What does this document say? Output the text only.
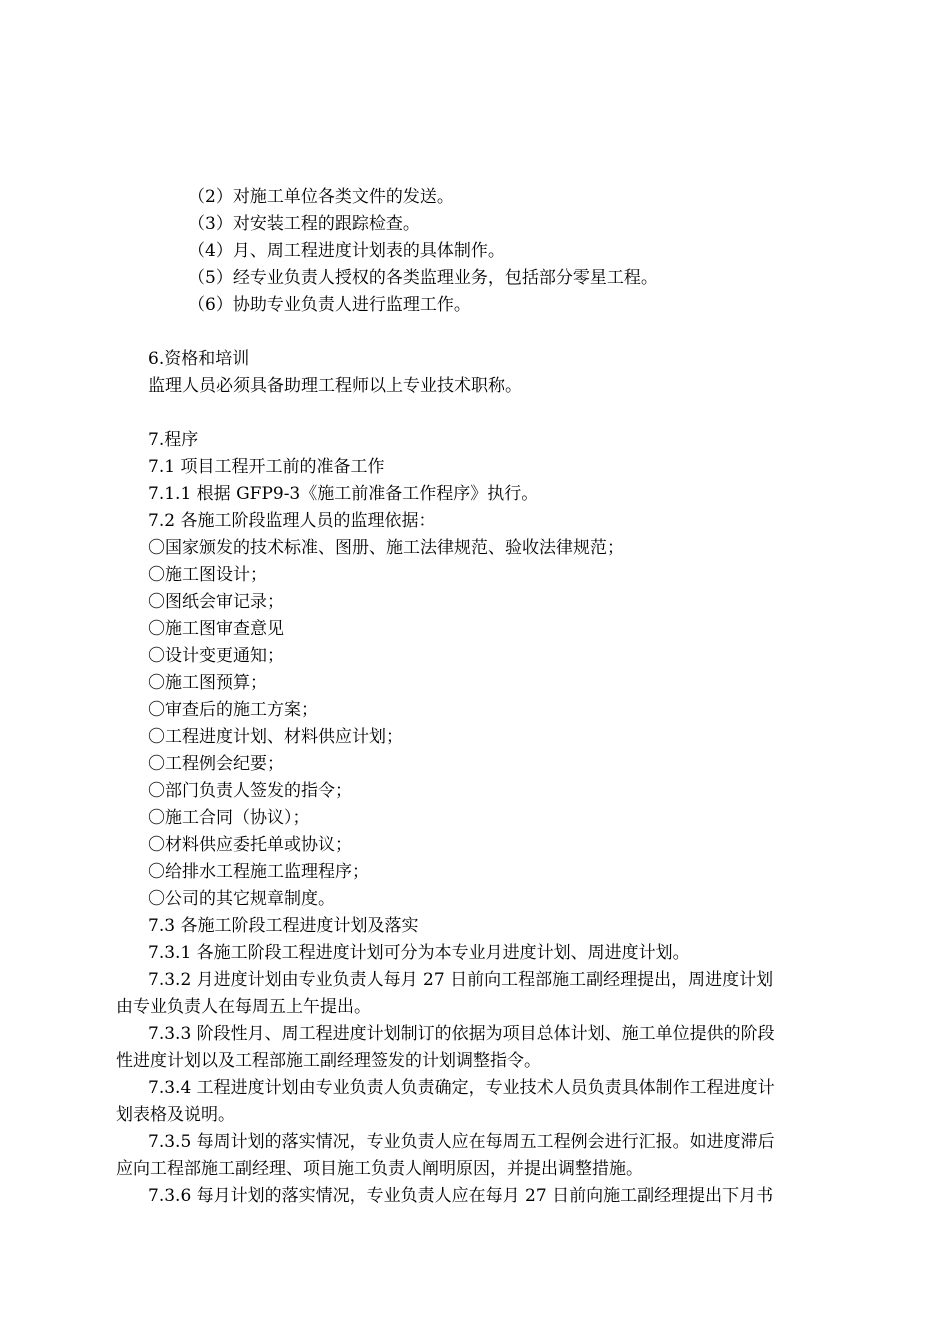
（2）对施工单位各类文件的发送。
（3）对安装工程的跟踪检查。
（4）月、周工程进度计划表的具体制作。
（5）经专业负责人授权的各类监理业务，包括部分零星工程。
（6）协助专业负责人进行监理工作。
6.资格和培训
监理人员必须具备助理工程师以上专业技术职称。
7.程序
7.1 项目工程开工前的准备工作
7.1.1 根据 GFP9-3《施工前准备工作程序》执行。
7.2 各施工阶段监理人员的监理依据：
〇国家颁发的技术标准、图册、施工法律规范、验收法律规范；
〇施工图设计；
〇图纸会审记录；
〇施工图审查意见
〇设计变更通知；
〇施工图预算；
〇审查后的施工方案；
〇工程进度计划、材料供应计划；
〇工程例会纪要；
〇部门负责人签发的指令；
〇施工合同（协议）；
〇材料供应委托单或协议；
〇给排水工程施工监理程序；
〇公司的其它规章制度。
7.3 各施工阶段工程进度计划及落实
7.3.1 各施工阶段工程进度计划可分为本专业月进度计划、周进度计划。
7.3.2 月进度计划由专业负责人每月 27 日前向工程部施工副经理提出，周进度计划
由专业负责人在每周五上午提出。
7.3.3 阶段性月、周工程进度计划制订的依据为项目总体计划、施工单位提供的阶段
性进度计划以及工程部施工副经理签发的计划调整指令。
7.3.4 工程进度计划由专业负责人负责确定，专业技术人员负责具体制作工程进度计
划表格及说明。
7.3.5 每周计划的落实情况，专业负责人应在每周五工程例会进行汇报。如进度滞后
应向工程部施工副经理、项目施工负责人阐明原因，并提出调整措施。
7.3.6 每月计划的落实情况，专业负责人应在每月 27 日前向施工副经理提出下月书
